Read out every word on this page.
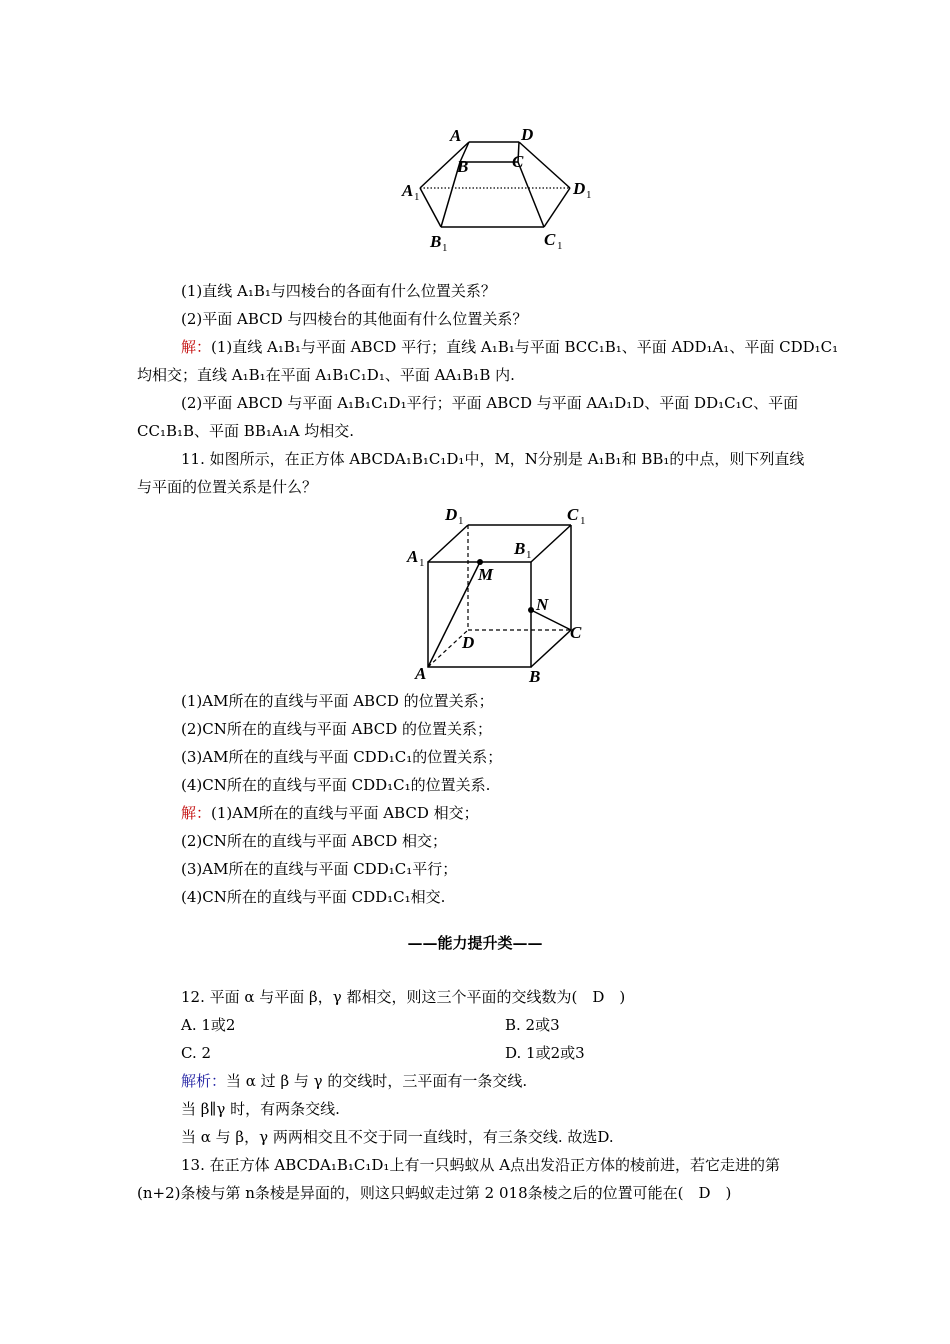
A	D
B	C
A 1	D 1
B 1	C 1
(1)直线 A₁B₁与四棱台的各面有什么位置关系？
(2)平面 ABCD 与四棱台的其他面有什么位置关系？
解：(1)直线 A₁B₁与平面 ABCD 平行；直线 A₁B₁与平面 BCC₁B₁、平面 ADD₁A₁、平面 CDD₁C₁
均相交；直线 A₁B₁在平面 A₁B₁C₁D₁、平面 AA₁B₁B 内.
(2)平面 ABCD 与平面 A₁B₁C₁D₁平行；平面 ABCD 与平面 AA₁D₁D、平面 DD₁C₁C、平面
CC₁B₁B、平面 BB₁A₁A 均相交.
11. 如图所示，在正方体 ABCDA₁B₁C₁D₁中，M，N分别是 A₁B₁和 BB₁的中点，则下列直线
与平面的位置关系是什么？
D 1	C 1
A 1
B 1
M
N
C
D
A	B
(1)AM所在的直线与平面 ABCD 的位置关系；
(2)CN所在的直线与平面 ABCD 的位置关系；
(3)AM所在的直线与平面 CDD₁C₁的位置关系；
(4)CN所在的直线与平面 CDD₁C₁的位置关系.
解：(1)AM所在的直线与平面 ABCD 相交；
(2)CN所在的直线与平面 ABCD 相交；
(3)AM所在的直线与平面 CDD₁C₁平行；
(4)CN所在的直线与平面 CDD₁C₁相交.
——能力提升类——
12. 平面 α 与平面 β，γ 都相交，则这三个平面的交线数为(　D　)
A. 1或2	B. 2或3
C. 2	D. 1或2或3
解析：当 α 过 β 与 γ 的交线时，三平面有一条交线.
当 β∥γ 时，有两条交线.
当 α 与 β，γ 两两相交且不交于同一直线时，有三条交线. 故选D.
13. 在正方体 ABCDA₁B₁C₁D₁上有一只蚂蚁从 A点出发沿正方体的棱前进，若它走进的第
(n+2)条棱与第 n条棱是异面的，则这只蚂蚁走过第 2 018条棱之后的位置可能在(　D　)
